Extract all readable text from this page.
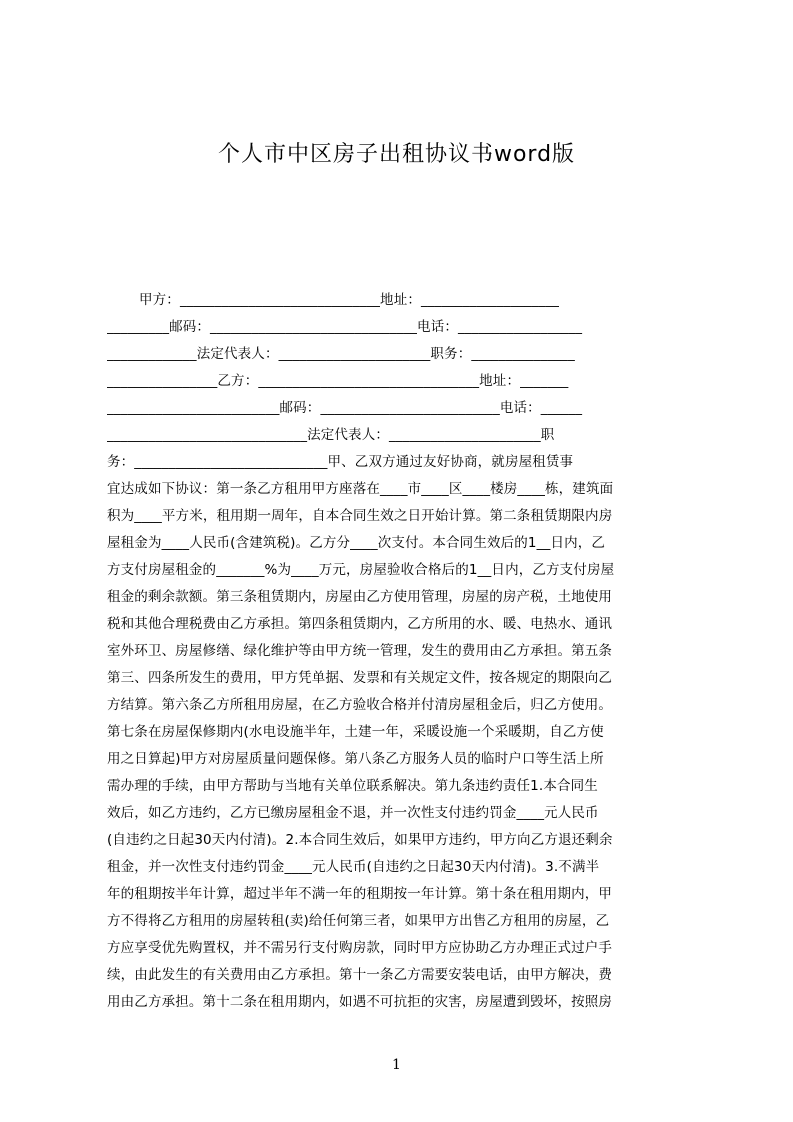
个人市中区房子出租协议书word版
甲方：_____________________________地址：____________________
_________邮码：______________________________电话：__________________
_____________法定代表人：______________________职务：_______________
________________乙方：________________________________地址：_______
_________________________邮码：__________________________电话：______
_____________________________法定代表人：______________________职
务：____________________________甲、乙双方通过友好协商，就房屋租赁事
宜达成如下协议：第一条乙方租用甲方座落在____市____区____楼房____栋，建筑面
积为____平方米，租用期一周年，自本合同生效之日开始计算。第二条租赁期限内房
屋租金为____人民币(含建筑税)。乙方分____次支付。本合同生效后的1__日内，乙
方支付房屋租金的_______%为____万元，房屋验收合格后的1__日内，乙方支付房屋
租金的剩余款额。第三条租赁期内，房屋由乙方使用管理，房屋的房产税，土地使用
税和其他合理税费由乙方承担。第四条租赁期内，乙方所用的水、暖、电热水、通讯
室外环卫、房屋修缮、绿化维护等由甲方统一管理，发生的费用由乙方承担。第五条
第三、四条所发生的费用，甲方凭单据、发票和有关规定文件，按各规定的期限向乙
方结算。第六条乙方所租用房屋，在乙方验收合格并付清房屋租金后，归乙方使用。
第七条在房屋保修期内(水电设施半年，土建一年，采暖设施一个采暖期，自乙方使
用之日算起)甲方对房屋质量问题保修。第八条乙方服务人员的临时户口等生活上所
需办理的手续，由甲方帮助与当地有关单位联系解决。第九条违约责任1.本合同生
效后，如乙方违约，乙方已缴房屋租金不退，并一次性支付违约罚金____元人民币
(自违约之日起30天内付清)。2.本合同生效后，如果甲方违约，甲方向乙方退还剩余
租金，并一次性支付违约罚金____元人民币(自违约之日起30天内付清)。3.不满半
年的租期按半年计算，超过半年不满一年的租期按一年计算。第十条在租用期内，甲
方不得将乙方租用的房屋转租(卖)给任何第三者，如果甲方出售乙方租用的房屋，乙
方应享受优先购置权，并不需另行支付购房款，同时甲方应协助乙方办理正式过户手
续，由此发生的有关费用由乙方承担。第十一条乙方需要安装电话，由甲方解决，费
用由乙方承担。第十二条在租用期内，如遇不可抗拒的灾害，房屋遭到毁坏，按照房
1
